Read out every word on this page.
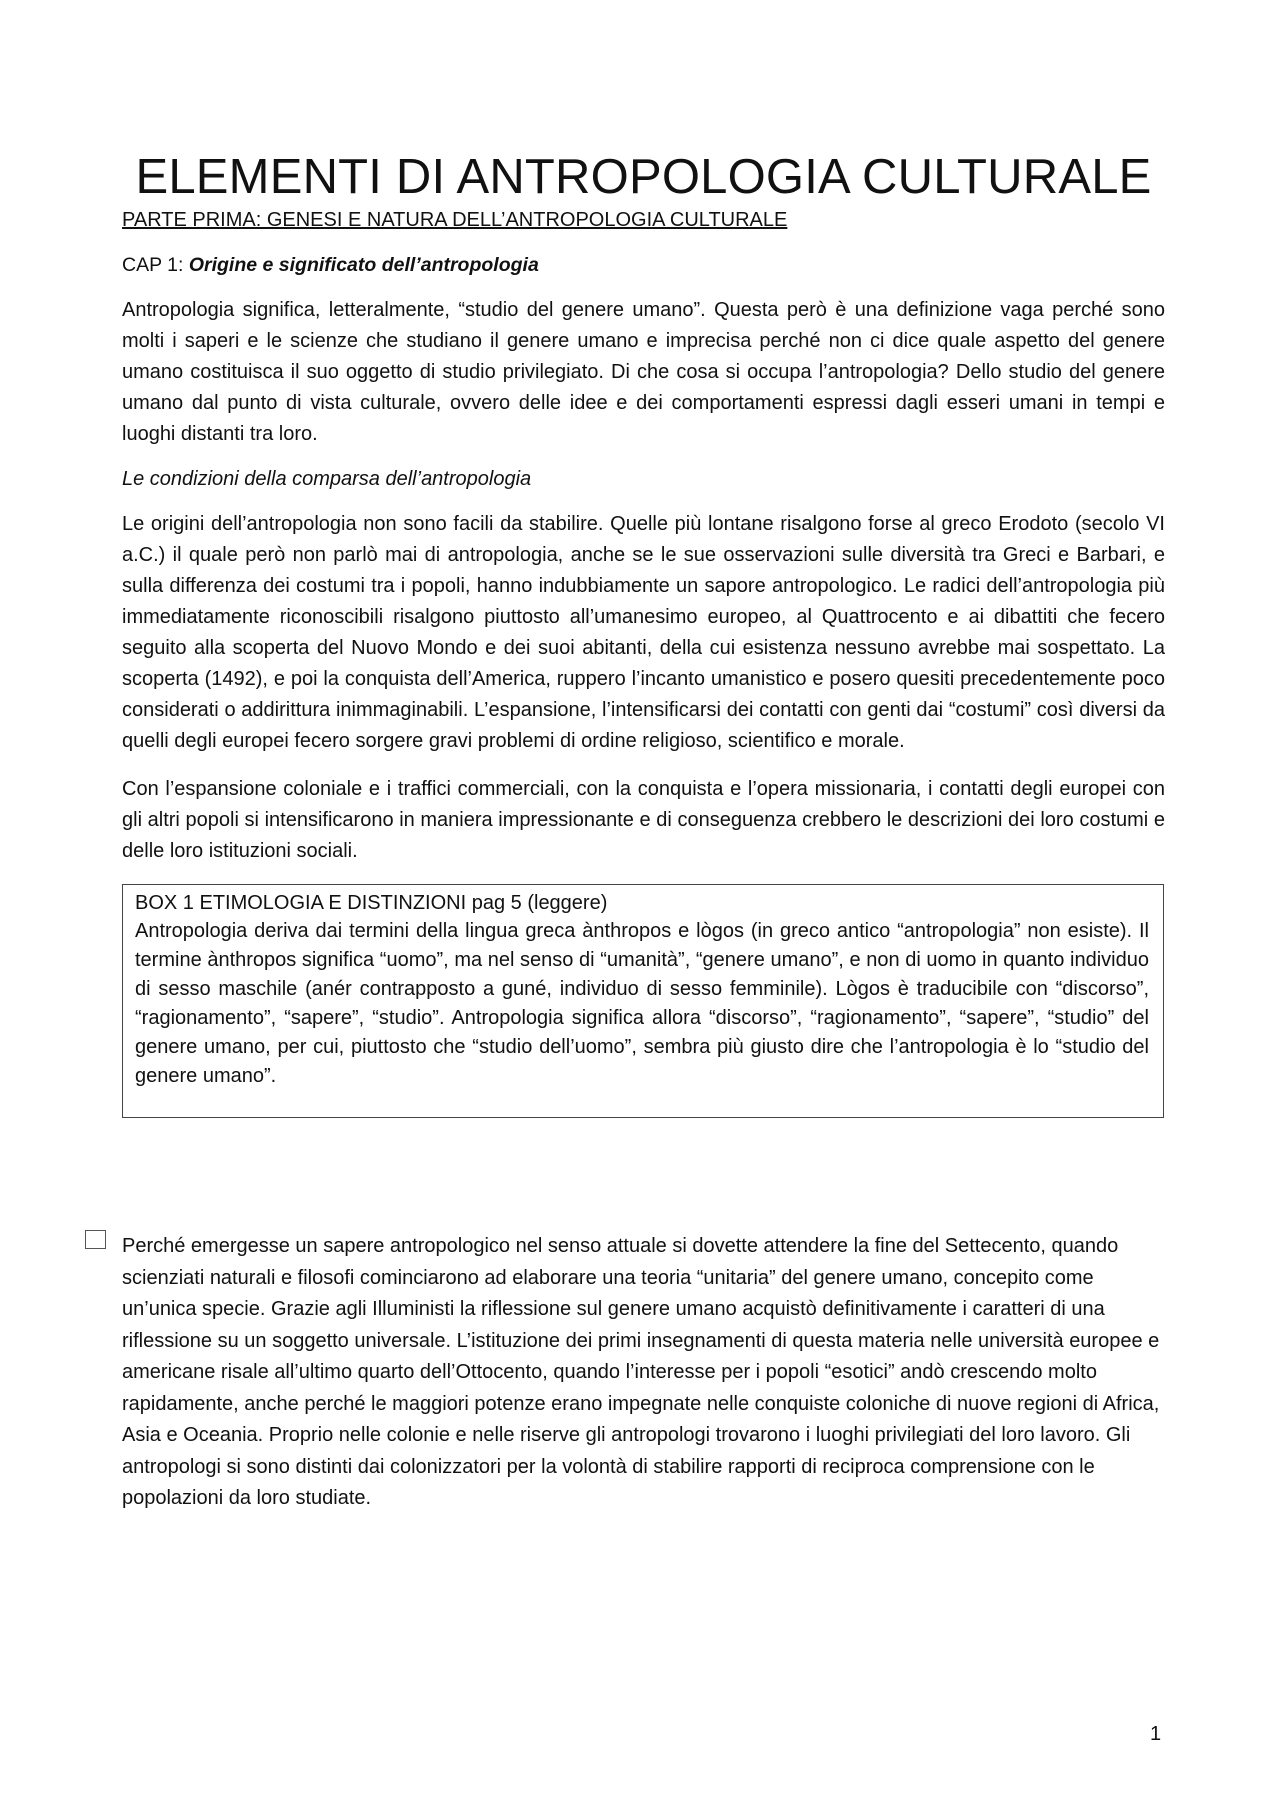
ELEMENTI DI ANTROPOLOGIA CULTURALE
PARTE PRIMA: GENESI E NATURA DELL’ANTROPOLOGIA CULTURALE
CAP 1: Origine e significato dell’antropologia

Antropologia significa, letteralmente, “studio del genere umano”. Questa però è una definizione vaga perché sono molti i saperi e le scienze che studiano il genere umano e imprecisa perché non ci dice quale aspetto del genere umano costituisca il suo oggetto di studio privilegiato. Di che cosa si occupa l’antropologia? Dello studio del genere umano dal punto di vista culturale, ovvero delle idee e dei comportamenti espressi dagli esseri umani in tempi e luoghi distanti tra loro.

Le condizioni della comparsa dell’antropologia

Le origini dell’antropologia non sono facili da stabilire. Quelle più lontane risalgono forse al greco Erodoto (secolo VI a.C.) il quale però non parlò mai di antropologia, anche se le sue osservazioni sulle diversità tra Greci e Barbari, e sulla differenza dei costumi tra i popoli, hanno indubbiamente un sapore antropologico. Le radici dell’antropologia più immediatamente riconoscibili risalgono piuttosto all’umanesimo europeo, al Quattrocento e ai dibattiti che fecero seguito alla scoperta del Nuovo Mondo e dei suoi abitanti, della cui esistenza nessuno avrebbe mai sospettato. La scoperta (1492), e poi la conquista dell’America, ruppero l’incanto umanistico e posero quesiti precedentemente poco considerati o addirittura inimmaginabili. L’espansione, l’intensificarsi dei contatti con genti dai “costumi” così diversi da quelli degli europei fecero sorgere gravi problemi di ordine religioso, scientifico e morale.

Con l’espansione coloniale e i traffici commerciali, con la conquista e l’opera missionaria, i contatti degli europei con gli altri popoli si intensificarono in maniera impressionante e di conseguenza crebbero le descrizioni dei loro costumi e delle loro istituzioni sociali.

BOX 1 ETIMOLOGIA E DISTINZIONI pag 5 (leggere)
Antropologia deriva dai termini della lingua greca ànthropos e lògos (in greco antico “antropologia” non esiste). Il termine ànthropos significa “uomo”, ma nel senso di “umanità”, “genere umano”, e non di uomo in quanto individuo di sesso maschile (anér contrapposto a guné, individuo di sesso femminile). Lògos è traducibile con “discorso”, “ragionamento”, “sapere”, “studio”. Antropologia significa allora “discorso”, “ragionamento”, “sapere”, “studio” del genere umano, per cui, piuttosto che “studio dell’uomo”, sembra più giusto dire che l’antropologia è lo “studio del genere umano”.

Perché emergesse un sapere antropologico nel senso attuale si dovette attendere la fine del Settecento, quando scienziati naturali e filosofi cominciarono ad elaborare una teoria “unitaria” del genere umano, concepito come un’unica specie. Grazie agli Illuministi la riflessione sul genere umano acquistò definitivamente i caratteri di una riflessione su un soggetto universale. L’istituzione dei primi insegnamenti di questa materia nelle università europee e americane risale all’ultimo quarto dell’Ottocento, quando l’interesse per i popoli “esotici” andò crescendo molto rapidamente, anche perché le maggiori potenze erano impegnate nelle conquiste coloniche di nuove regioni di Africa, Asia e Oceania. Proprio nelle colonie e nelle riserve gli antropologi trovarono i luoghi privilegiati del loro lavoro. Gli antropologi si sono distinti dai colonizzatori per la volontà di stabilire rapporti di reciproca comprensione con le popolazioni da loro studiate.

1
